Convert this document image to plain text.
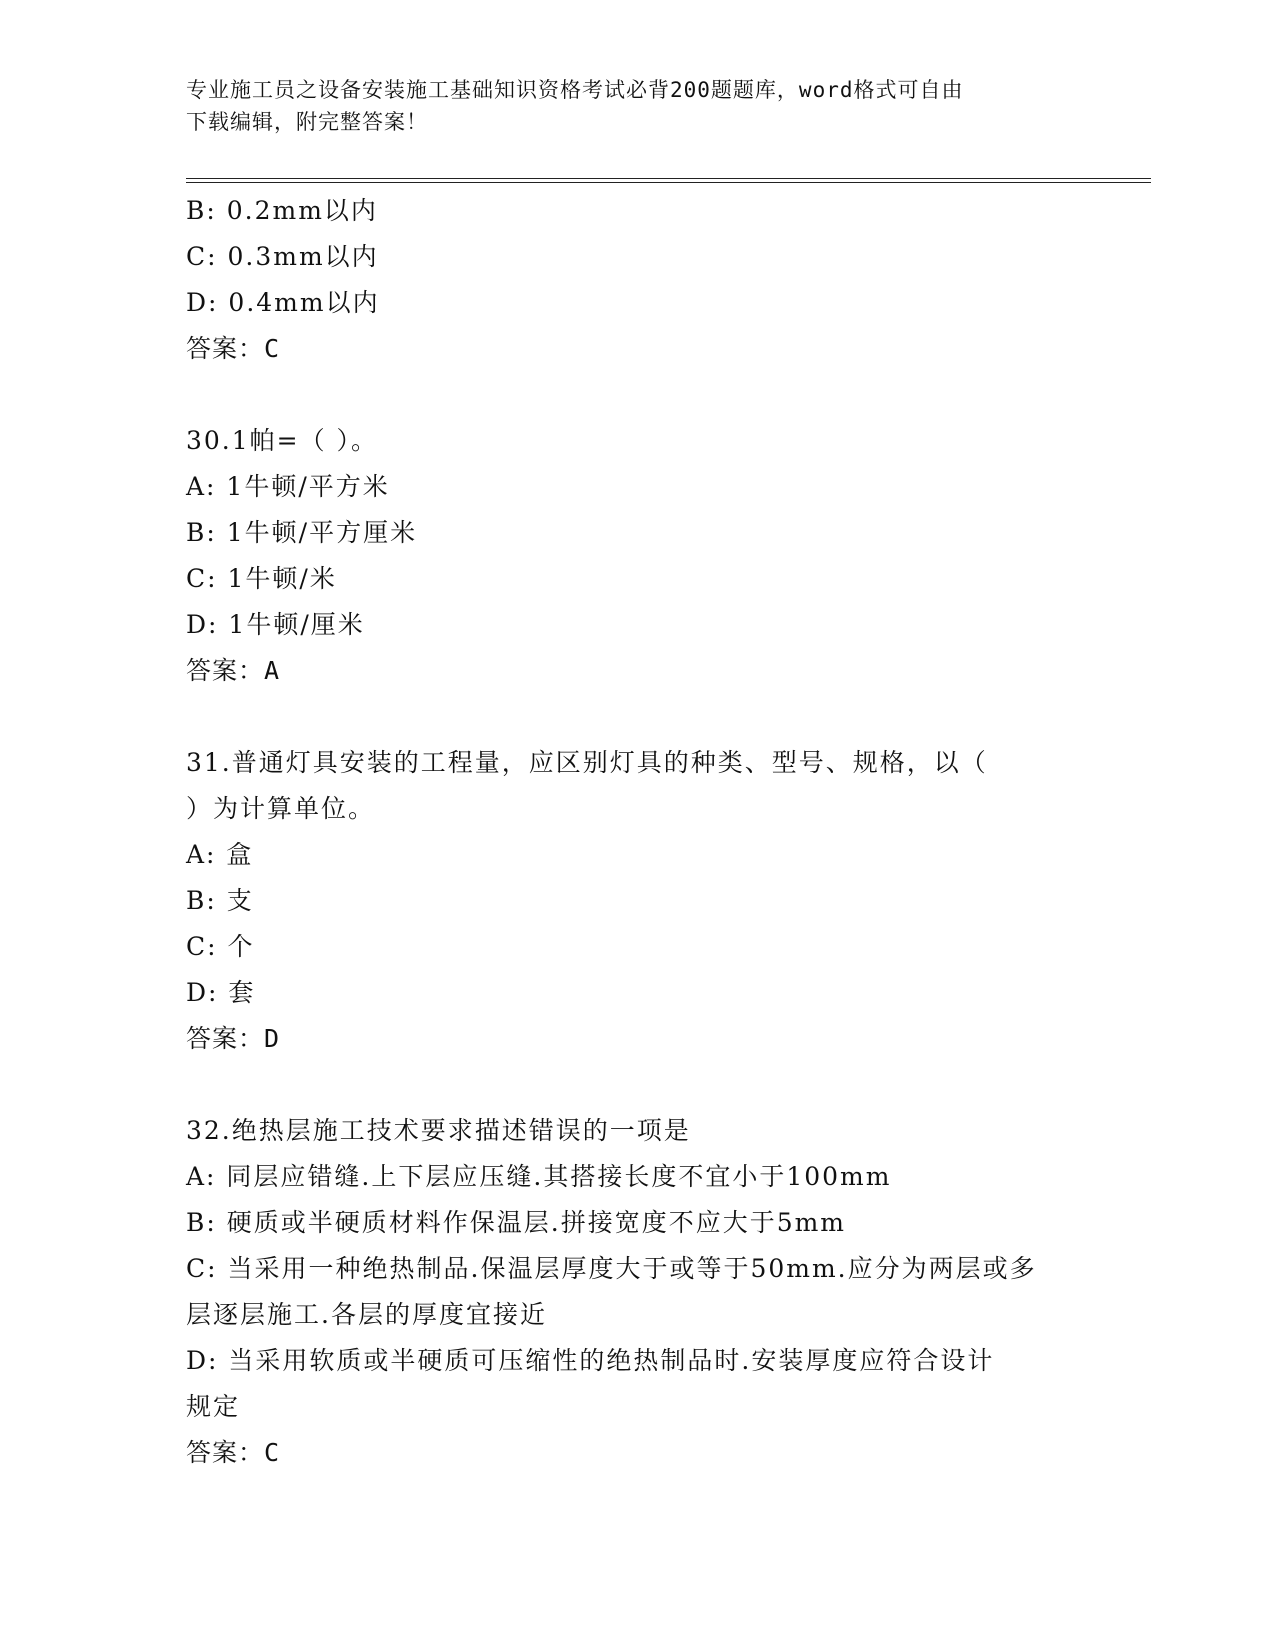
专业施工员之设备安装施工基础知识资格考试必背200题题库，word格式可自由
下载编辑，附完整答案！
B: 0.2mm以内
C: 0.3mm以内
D: 0.4mm以内
答案：C
30.1帕=（ ）。
A: 1牛顿/平方米
B: 1牛顿/平方厘米
C: 1牛顿/米
D: 1牛顿/厘米
答案：A
31.普通灯具安装的工程量，应区别灯具的种类、型号、规格，以（
）为计算单位。
A: 盒
B: 支
C: 个
D: 套
答案：D
32.绝热层施工技术要求描述错误的一项是
A: 同层应错缝.上下层应压缝.其搭接长度不宜小于100mm
B: 硬质或半硬质材料作保温层.拼接宽度不应大于5mm
C: 当采用一种绝热制品.保温层厚度大于或等于50mm.应分为两层或多
层逐层施工.各层的厚度宜接近
D: 当采用软质或半硬质可压缩性的绝热制品时.安装厚度应符合设计
规定
答案：C
